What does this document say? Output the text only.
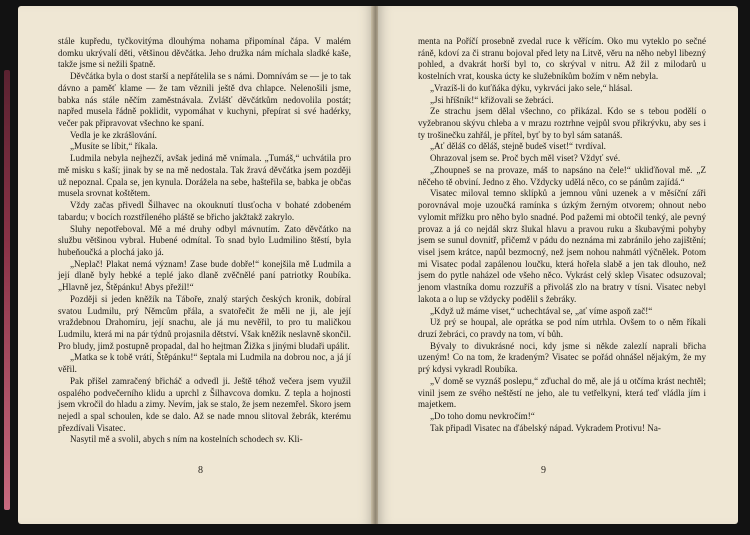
stále kupředu, tyčkovitýma dlouhýma nohama připomínal čápa. V malém domku ukrývalí děti, většinou děvčátka. Jeho družka nám míchala sladké kaše, takže jsme si nežili špatně.

Děvčátka byla o dost starší a nepřátelila se s námi. Domnívám se — je to tak dávno a paměť klame — že tam věznili ještě dva chlapce. Nelenošili jsme, babka nás stále něčím zaměstnávala. Zvlášť děvčátkům nedovolila postát; napřed musela řádně poklidit, vypomáhat v kuchyni, přepírat si své hadérky, večer pak připravovat všechno ke spaní.

Vedla je ke zkrášlování.

„Musíte se líbit,“ říkala.

Ludmila nebyla nejhezčí, avšak jediná mě vnímala. „Tumáš,“ uchvátila pro mě misku s kaší; jinak by se na mě nedostala. Tak žravá děvčátka jsem později už nepoznal. Cpala se, jen kynula. Dorážela na sebe, hašteřila se, babka je občas musela srovnat koštětem.

Vždy začas přivedl Šilhavec na okouknutí tlusťocha v bohaté zdobeném tabardu; v bocích rozstříleného pláště se břicho jakžtakž zakrylo.

Sluhy nepotřeboval. Mě a mé druhy odbyl mávnutím. Zato děvčátko na službu většinou vybral. Hubené odmítal. To snad bylo Ludmilino štěstí, byla hubeňoučká a plochá jako já.

„Neplač! Plakat nemá význam! Zase bude dobře!“ konejšila mě Ludmila a její dlaně byly hebké a teplé jako dlaně zvěčnělé paní patriotky Roubíka. „Hlavně jez, Štěpánku! Abys přežil!“

Později si jeden kněžík na Táboře, znalý starých českých kronik, dobíral svatou Ludmilu, prý Němcům přála, a svatořečit že měli ne ji, ale její vraždebnou Drahomíru, její snachu, ale já mu nevěřil, to pro tu maličkou Ludmilu, která mi na pár týdnů projasnila dětství. Však kněžík neslavně skončil. Pro bludy, jimž postupně propadal, dal ho hejtman Žižka s jinými bludaři upálit.

„Matka se k tobě vrátí, Štěpánku!“ šeptala mi Ludmila na dobrou noc, a já jí věřil.

Pak přišel zamračený břicháč a odvedl ji. Ještě téhož večera jsem využil ospalého podvečerního klidu a uprchl z Šilhavcova domku. Z tepla a hojnosti jsem vkročil do hladu a zimy. Nevím, jak se stalo, že jsem nezemřel. Skoro jsem nejedl a spal schoulen, kde se dalo. Až se nade mnou slitoval žebrák, kterému přezdívali Visatec.

Nasytil mě a svolil, abych s ním na kostelních schodech sv. Kli-

8

menta na Poříčí prosebně zvedal ruce k věřícím. Oko mu vyteklo po sečné ráně, kdoví za či stranu bojoval před lety na Litvě, věru na něho nebyl libezný pohled, a dvakrát horší byl to, co skrýval v nitru. Až žil z milodarů u kostelních vrat, kouska úcty ke služebníkům božím v něm nebyla.

„Vrazíš-li do kuťňáka dýku, vykrváci jako sele,“ hlásal.

„Jsi hříšník!“ křižovali se žebráci.

Ze strachu jsem dělal všechno, co přikázal. Kdo se s tebou podělí o vyžebranou skývu chleba a v mrazu roztrhne vejpůl svou přikrývku, aby ses i ty trošinečku zahřál, je přítel, byť by to byl sám satanáš.

„Ať děláš co děláš, stejně budeš viset!“ tvrdíval.

Ohrazoval jsem se. Proč bych měl viset? Vždyť své.

„Zhoupneš se na provaze, máš to napsáno na čele!“ ukliďňoval mě. „Z něčeho tě obviní. Jedno z ěho. Vždycky udělá něco, co se pánům zajídá.“

Visatec miloval temno sklípků a jemnou vůni uzenek a v měsíční záři porovnával moje uzoučká ramínka s úzkým žerným otvorem; ohnout nebo vylomit mřížku pro něho bylo snadné. Pod pažemi mi obtočil tenký, ale pevný provaz a já co nejdál skrz šlukal hlavu a pravou ruku a škubavými pohyby jsem se sunul dovnitř, přičemž v pádu do neznáma mi zabránilo jeho zajištění; visel jsem krátce, napůl bezmocný, než jsem nohou nahmátl výčnělek. Potom mi Visatec podal zapálenou loučku, která hořela slabě a jen tak dlouho, než jsem do pytle naházel ode všeho něco. Vykrást celý sklep Visatec odsuzoval; jenom vlastníka domu rozzuříš a přivoláš zlo na bratry v tísni. Visatec nebyl lakota a o lup se vždycky podělil s žebráky.

„Když už máme viset,“ uchechtával se, „ať víme aspoň zač!“

Už prý se houpal, ale oprátka se pod ním utrhla. Ovšem to o něm říkali druzí žebráci, co pravdy na tom, ví bůh.

Bývaly to divukrásné noci, kdy jsme si někde zalezlí naprali břicha uzeným! Co na tom, že kradeným? Visatec se pořád ohnášel nějakým, že my prý kdysi vykradl Roubíka.

„V domě se vyznáš poslepu,“ zďuchal do mě, ale já u otčíma krást nechtěl; vinil jsem ze svého neštěstí ne jeho, ale tu vetřelkyni, která teď vládla jím i majetkem.

„Do toho domu nevkročím!“

Tak připadl Visatec na ďábelský nápad. Vykradem Protivu! Na-

9
